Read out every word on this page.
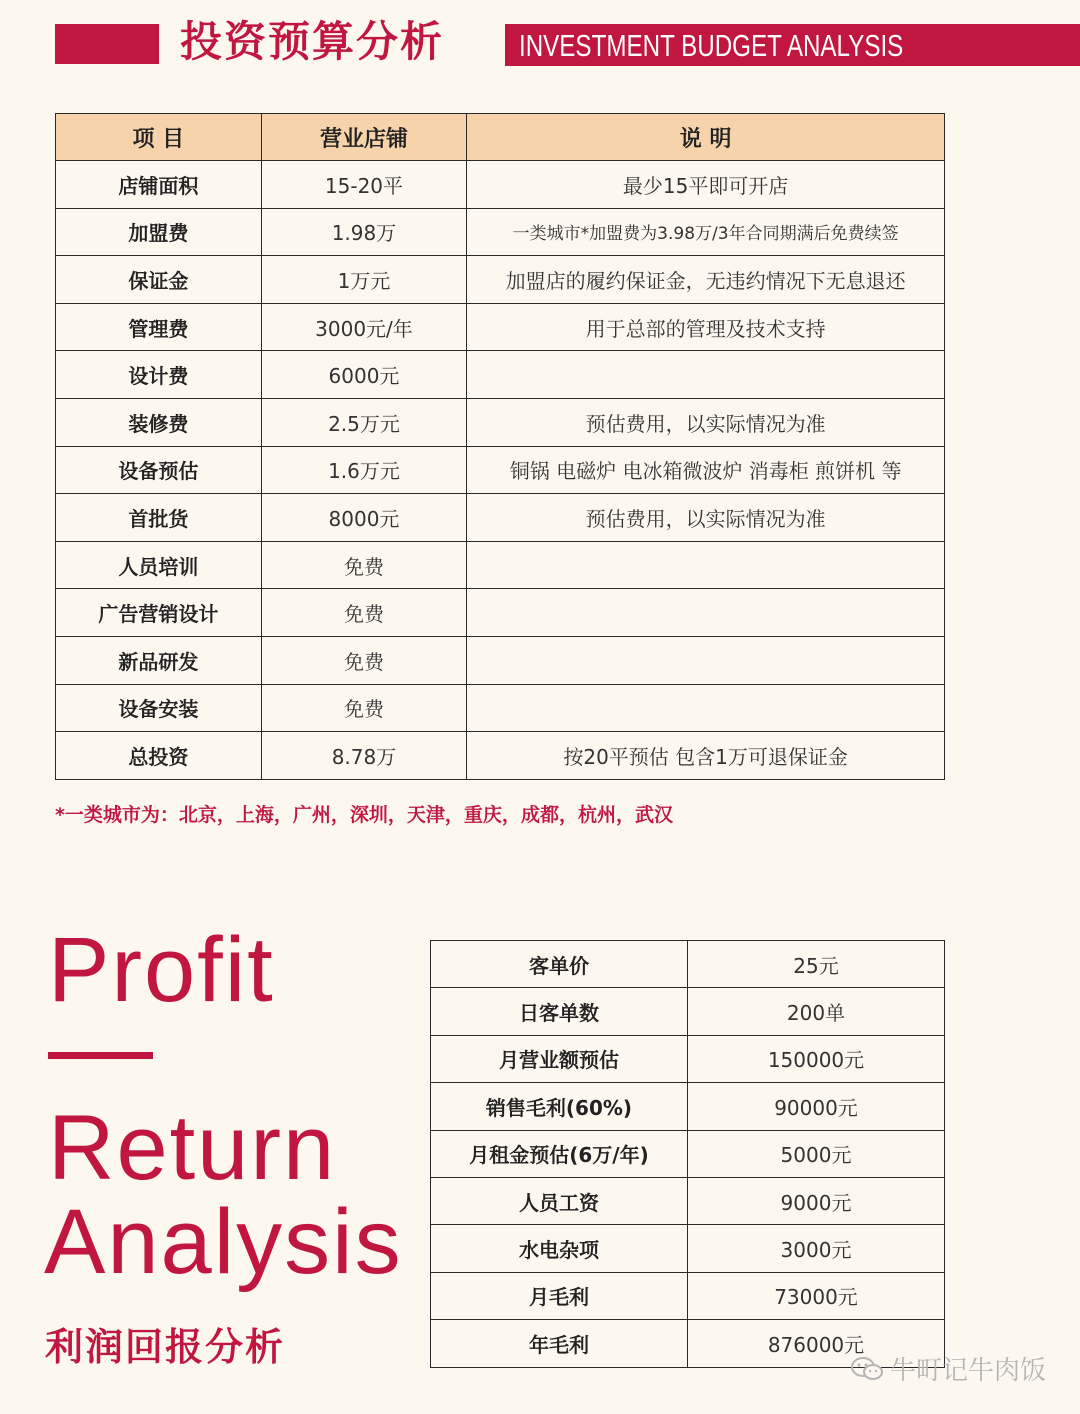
投资预算分析 INVESTMENT BUDGET ANALYSIS
项 目	营业店铺	说 明
店铺面积	15-20平	最少15平即可开店
加盟费	1.98万	一类城市*加盟费为3.98万/3年合同期满后免费续签
保证金	1万元	加盟店的履约保证金，无违约情况下无息退还
管理费	3000元/年	用于总部的管理及技术支持
设计费	6000元	
装修费	2.5万元	预估费用，以实际情况为准
设备预估	1.6万元	铜锅 电磁炉 电冰箱微波炉 消毒柜 煎饼机 等
首批货	8000元	预估费用，以实际情况为准
人员培训	免费	
广告营销设计	免费	
新品研发	免费	
设备安装	免费	
总投资	8.78万	按20平预估 包含1万可退保证金
*一类城市为：北京，上海，广州，深圳，天津，重庆，成都，杭州，武汉
Profit
Return
Analysis
利润回报分析
客单价	25元
日客单数	200单
月营业额预估	150000元
销售毛利(60%)	90000元
月租金预估(6万/年)	5000元
人员工资	9000元
水电杂项	3000元
月毛利	73000元
年毛利	876000元
牛町记牛肉饭
